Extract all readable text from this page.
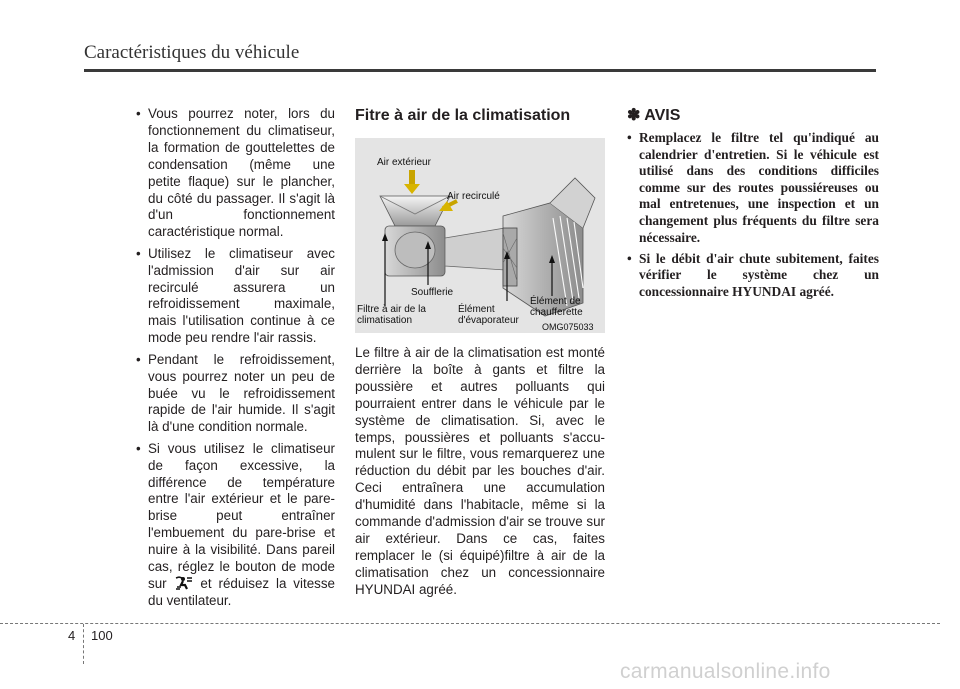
Caractéristiques du véhicule
• Vous pourrez noter, lors du fonctionnement du climatiseur, la formation de gouttelettes de condensation (même une petite flaque) sur le plancher, du côté du passager. Il s'agit là d'un fonctionnement caractéristique normal.
• Utilisez le climatiseur avec l'admission d'air sur air recirculé assurera un refroidissement maximale, mais l'utilisation continue à ce mode peu rendre l'air rassis.
• Pendant le refroidissement, vous pourrez noter un peu de buée vu le refroidissement rapide de l'air humide. Il s'agit là d'une condition normale.
• Si vous utilisez le climatiseur de façon excessive, la différence de température entre l'air extérieur et le pare-brise peut entraîner l'embuement du pare-brise et nuire à la visibilité. Dans pareil cas, réglez le bouton de mode sur	et réduisez la vitesse du ventilateur.
Fitre à air de la climatisation
Air extérieur
Air recirculé
Soufflerie
Filtre à air de la climatisation
Élément d'évaporateur
Élément de chaufferette
OMG075033

Le filtre à air de la climatisation est monté derrière la boîte à gants et filtre la poussière et autres polluants qui pourraient entrer dans le véhicule par le système de climatisation. Si, avec le temps, poussières et polluants s'accu-mulent sur le filtre, vous remarquerez une réduction du débit par les bouches d'air. Ceci entraînera une accumulation d'humidité dans l'habitacle, même si la commande d'admission d'air se trouve sur air extérieur. Dans ce cas, faites remplacer le (si équipé)filtre à air de la climatisation chez un concessionnaire HYUNDAI agréé.

✽ AVIS
• Remplacez le filtre tel qu'indiqué au calendrier d'entretien. Si le véhicule est utilisé dans des conditions difficiles comme sur des routes poussiéreuses ou mal entretenues, une inspection et un changement plus fréquents du filtre sera nécessaire.
• Si le débit d'air chute subitement, faites vérifier le système chez un concessionnaire HYUNDAI agréé.
4 100
carmanualsonline.info
